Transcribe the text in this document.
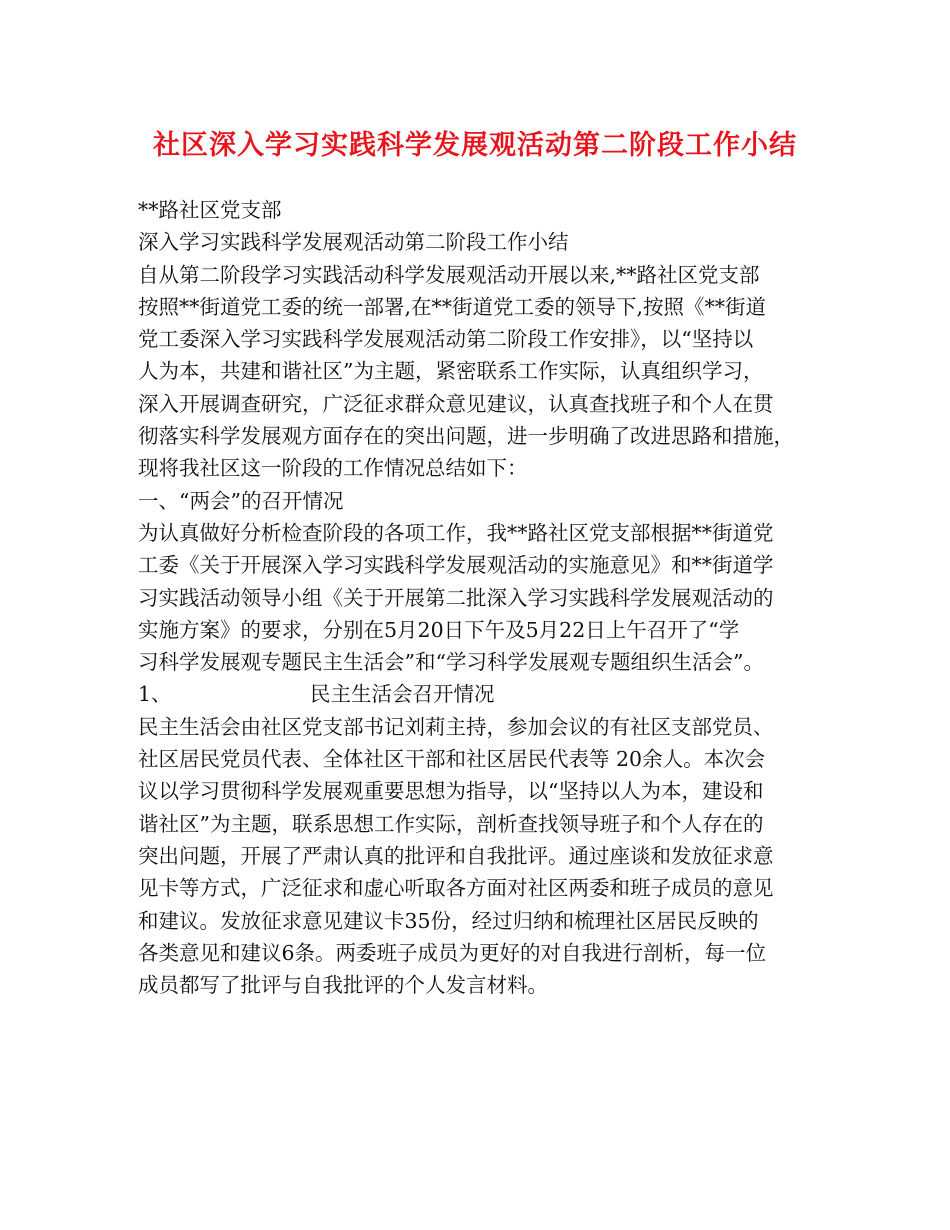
社区深入学习实践科学发展观活动第二阶段工作小结

**路社区党支部

深入学习实践科学发展观活动第二阶段工作小结

自从第二阶段学习实践活动科学发展观活动开展以来,**路社区党支部

按照**街道党工委的统一部署,在**街道党工委的领导下,按照《**街道

党工委深入学习实践科学发展观活动第二阶段工作安排》，以“坚持以

人为本，共建和谐社区”为主题，紧密联系工作实际，认真组织学习，

深入开展调查研究，广泛征求群众意见建议，认真查找班子和个人在贯

彻落实科学发展观方面存在的突出问题，进一步明确了改进思路和措施，

现将我社区这一阶段的工作情况总结如下：

一、“两会”的召开情况

为认真做好分析检查阶段的各项工作，我**路社区党支部根据**街道党

工委《关于开展深入学习实践科学发展观活动的实施意见》和**街道学

习实践活动领导小组《关于开展第二批深入学习实践科学发展观活动的

实施方案》的要求，分别在5月20日下午及5月22日上午召开了“学

习科学发展观专题民主生活会”和“学习科学发展观专题组织生活会”。

1、	民主生活会召开情况

民主生活会由社区党支部书记刘莉主持，参加会议的有社区支部党员、

社区居民党员代表、全体社区干部和社区居民代表等 20余人。本次会

议以学习贯彻科学发展观重要思想为指导，以“坚持以人为本，建设和

谐社区”为主题，联系思想工作实际，剖析查找领导班子和个人存在的

突出问题，开展了严肃认真的批评和自我批评。通过座谈和发放征求意

见卡等方式，广泛征求和虚心听取各方面对社区两委和班子成员的意见

和建议。发放征求意见建议卡35份，经过归纳和梳理社区居民反映的

各类意见和建议6条。两委班子成员为更好的对自我进行剖析，每一位

成员都写了批评与自我批评的个人发言材料。
